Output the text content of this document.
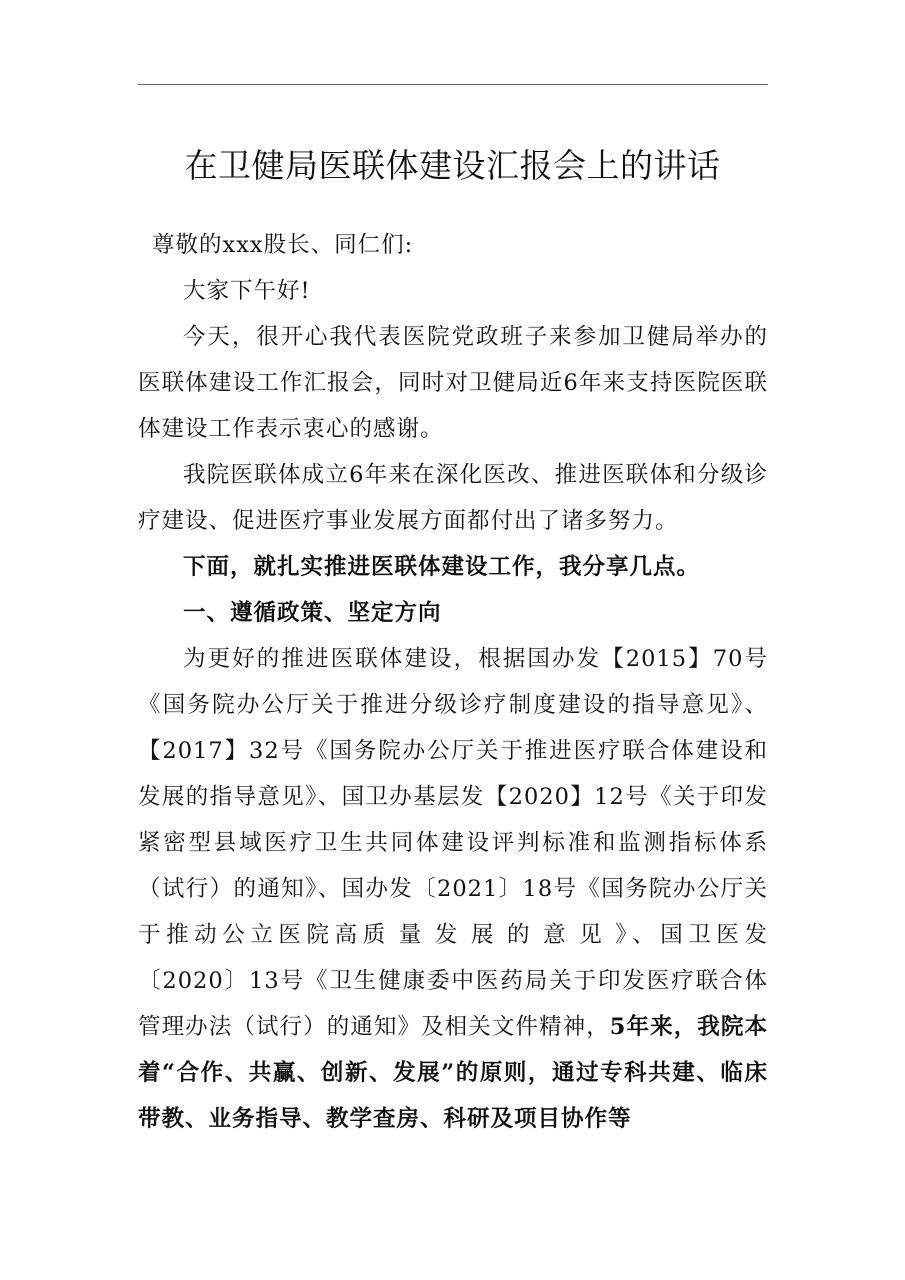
在卫健局医联体建设汇报会上的讲话

尊敬的xxx股长、同仁们:

大家下午好!

今天，很开心我代表医院党政班子来参加卫健局举办的医联体建设工作汇报会，同时对卫健局近6年来支持医院医联体建设工作表示衷心的感谢。

我院医联体成立6年来在深化医改、推进医联体和分级诊疗建设、促进医疗事业发展方面都付出了诸多努力。

下面，就扎实推进医联体建设工作，我分享几点。

一、遵循政策、坚定方向

为更好的推进医联体建设，根据国办发【2015】70号《国务院办公厅关于推进分级诊疗制度建设的指导意见》、【2017】32号《国务院办公厅关于推进医疗联合体建设和发展的指导意见》、国卫办基层发【2020】12号《关于印发紧密型县域医疗卫生共同体建设评判标准和监测指标体系（试行）的通知》、国办发〔2021〕18号《国务院办公厅关于推动公立医院高质量发展的意见》、国卫医发〔2020〕13号《卫生健康委中医药局关于印发医疗联合体管理办法（试行）的通知》及相关文件精神，5年来，我院本着“合作、共赢、创新、发展”的原则，通过专科共建、临床带教、业务指导、教学查房、科研及项目协作等
